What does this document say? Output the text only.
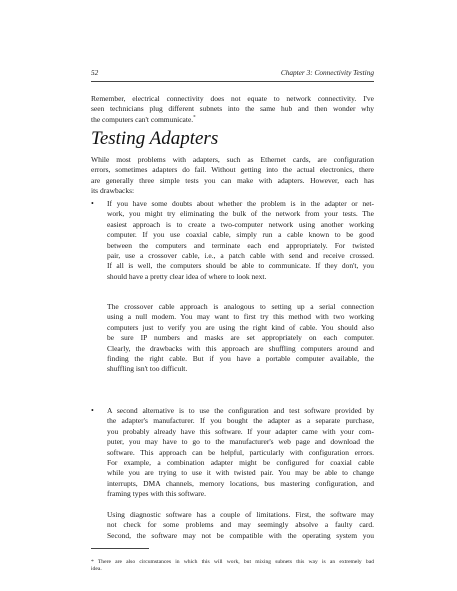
52	Chapter 3: Connectivity Testing

Remember, electrical connectivity does not equate to network connectivity. I've
seen technicians plug different subnets into the same hub and then wonder why
the computers can't communicate.*

Testing Adapters

While most problems with adapters, such as Ethernet cards, are configuration
errors, sometimes adapters do fail. Without getting into the actual electronics, there
are generally three simple tests you can make with adapters. However, each has
its drawbacks:

• If you have some doubts about whether the problem is in the adapter or net-
work, you might try eliminating the bulk of the network from your tests. The
easiest approach is to create a two-computer network using another working
computer. If you use coaxial cable, simply run a cable known to be good
between the computers and terminate each end appropriately. For twisted
pair, use a crossover cable, i.e., a patch cable with send and receive crossed.
If all is well, the computers should be able to communicate. If they don't, you
should have a pretty clear idea of where to look next.

The crossover cable approach is analogous to setting up a serial connection
using a null modem. You may want to first try this method with two working
computers just to verify you are using the right kind of cable. You should also
be sure IP numbers and masks are set appropriately on each computer.
Clearly, the drawbacks with this approach are shuffling computers around and
finding the right cable. But if you have a portable computer available, the
shuffling isn't too difficult.

• A second alternative is to use the configuration and test software provided by
the adapter's manufacturer. If you bought the adapter as a separate purchase,
you probably already have this software. If your adapter came with your com-
puter, you may have to go to the manufacturer's web page and download the
software. This approach can be helpful, particularly with configuration errors.
For example, a combination adapter might be configured for coaxial cable
while you are trying to use it with twisted pair. You may be able to change
interrupts, DMA channels, memory locations, bus mastering configuration, and
framing types with this software.

Using diagnostic software has a couple of limitations. First, the software may
not check for some problems and may seemingly absolve a faulty card.
Second, the software may not be compatible with the operating system you

* There are also circumstances in which this will work, but mixing subnets this way is an extremely bad
idea.
